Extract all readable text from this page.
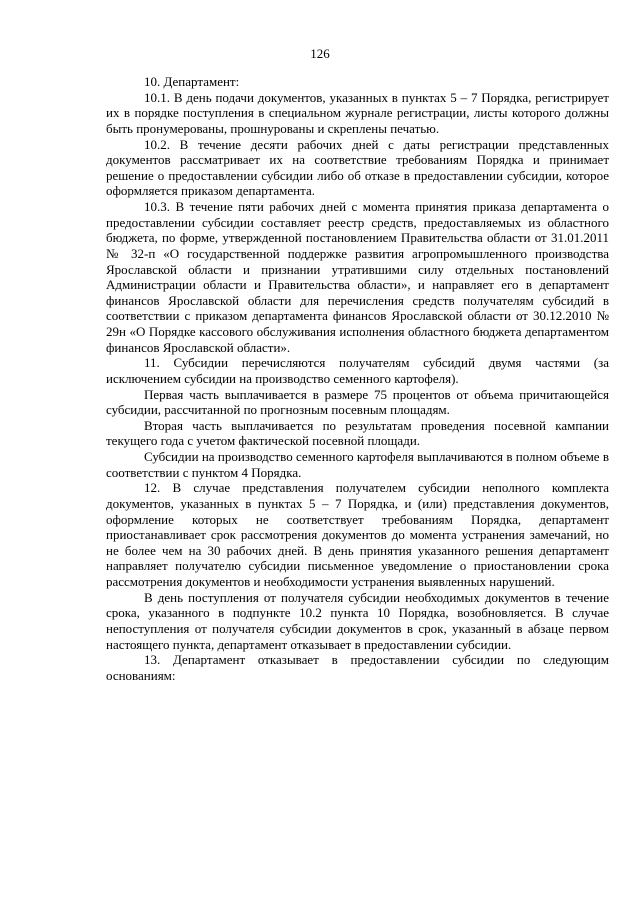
126

10. Департамент:

10.1. В день подачи документов, указанных в пунктах 5 – 7 Порядка, регистрирует их в порядке поступления в специальном журнале регистрации, листы которого должны быть пронумерованы, прошнурованы и скреплены печатью.

10.2. В течение десяти рабочих дней с даты регистрации представленных документов рассматривает их на соответствие требованиям Порядка и принимает решение о предоставлении субсидии либо об отказе в предоставлении субсидии, которое оформляется приказом департамента.

10.3. В течение пяти рабочих дней с момента принятия приказа департамента о предоставлении субсидии составляет реестр средств, предоставляемых из областного бюджета, по форме, утвержденной постановлением Правительства области от 31.01.2011 № 32-п «О государственной поддержке развития агропромышленного производства Ярославской области и признании утратившими силу отдельных постановлений Администрации области и Правительства области», и направляет его в департамент финансов Ярославской области для перечисления средств получателям субсидий в соответствии с приказом департамента финансов Ярославской области от 30.12.2010 № 29н «О Порядке кассового обслуживания исполнения областного бюджета департаментом финансов Ярославской области».

11. Субсидии перечисляются получателям субсидий двумя частями (за исключением субсидии на производство семенного картофеля).

Первая часть выплачивается в размере 75 процентов от объема причитающейся субсидии, рассчитанной по прогнозным посевным площадям.

Вторая часть выплачивается по результатам проведения посевной кампании текущего года с учетом фактической посевной площади.

Субсидии на производство семенного картофеля выплачиваются в полном объеме в соответствии с пунктом 4 Порядка.

12. В случае представления получателем субсидии неполного комплекта документов, указанных в пунктах 5 – 7 Порядка, и (или) представления документов, оформление которых не соответствует требованиям Порядка, департамент приостанавливает срок рассмотрения документов до момента устранения замечаний, но не более чем на 30 рабочих дней. В день принятия указанного решения департамент направляет получателю субсидии письменное уведомление о приостановлении срока рассмотрения документов и необходимости устранения выявленных нарушений.

В день поступления от получателя субсидии необходимых документов в течение срока, указанного в подпункте 10.2 пункта 10 Порядка, возобновляется. В случае непоступления от получателя субсидии документов в срок, указанный в абзаце первом настоящего пункта, департамент отказывает в предоставлении субсидии.

13. Департамент отказывает в предоставлении субсидии по следующим основаниям:
